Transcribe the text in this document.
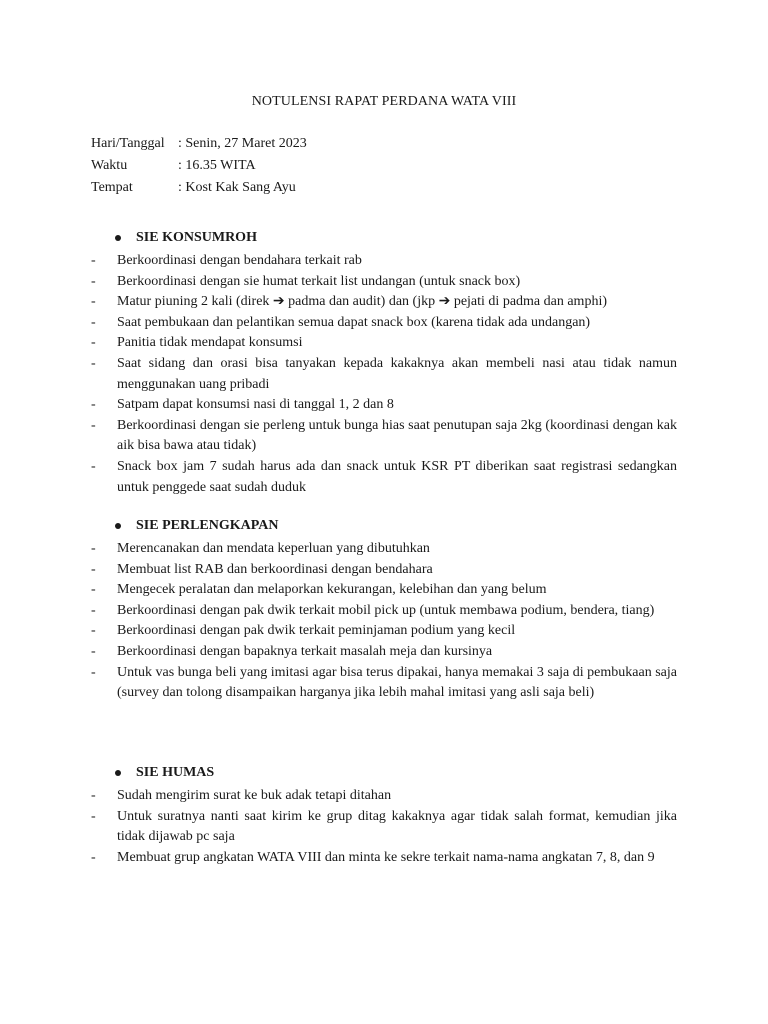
NOTULENSI RAPAT PERDANA WATA VIII
Hari/Tanggal : Senin, 27 Maret 2023
Waktu	: 16.35 WITA
Tempat	: Kost Kak Sang Ayu
SIE KONSUMROH
- Berkoordinasi dengan bendahara terkait rab
- Berkoordinasi dengan sie humat terkait list undangan (untuk snack box)
- Matur piuning 2 kali (direk ➔ padma dan audit) dan (jkp ➔ pejati di padma dan amphi)
- Saat pembukaan dan pelantikan semua dapat snack box (karena tidak ada undangan)
- Panitia tidak mendapat konsumsi
- Saat sidang dan orasi bisa tanyakan kepada kakaknya akan membeli nasi atau tidak namun menggunakan uang pribadi
- Satpam dapat konsumsi nasi di tanggal 1, 2 dan 8
- Berkoordinasi dengan sie perleng untuk bunga hias saat penutupan saja 2kg (koordinasi dengan kak aik bisa bawa atau tidak)
- Snack box jam 7 sudah harus ada dan snack untuk KSR PT diberikan saat registrasi sedangkan untuk penggede saat sudah duduk
SIE PERLENGKAPAN
- Merencanakan dan mendata keperluan yang dibutuhkan
- Membuat list RAB dan berkoordinasi dengan bendahara
- Mengecek peralatan dan melaporkan kekurangan, kelebihan dan yang belum
- Berkoordinasi dengan pak dwik terkait mobil pick up (untuk membawa podium, bendera, tiang)
- Berkoordinasi dengan pak dwik terkait peminjaman podium yang kecil
- Berkoordinasi dengan bapaknya terkait masalah meja dan kursinya
- Untuk vas bunga beli yang imitasi agar bisa terus dipakai, hanya memakai 3 saja di pembukaan saja (survey dan tolong disampaikan harganya jika lebih mahal imitasi yang asli saja beli)
SIE HUMAS
- Sudah mengirim surat ke buk adak tetapi ditahan
- Untuk suratnya nanti saat kirim ke grup ditag kakaknya agar tidak salah format, kemudian jika tidak dijawab pc saja
- Membuat grup angkatan WATA VIII dan minta ke sekre terkait nama-nama angkatan 7, 8, dan 9
